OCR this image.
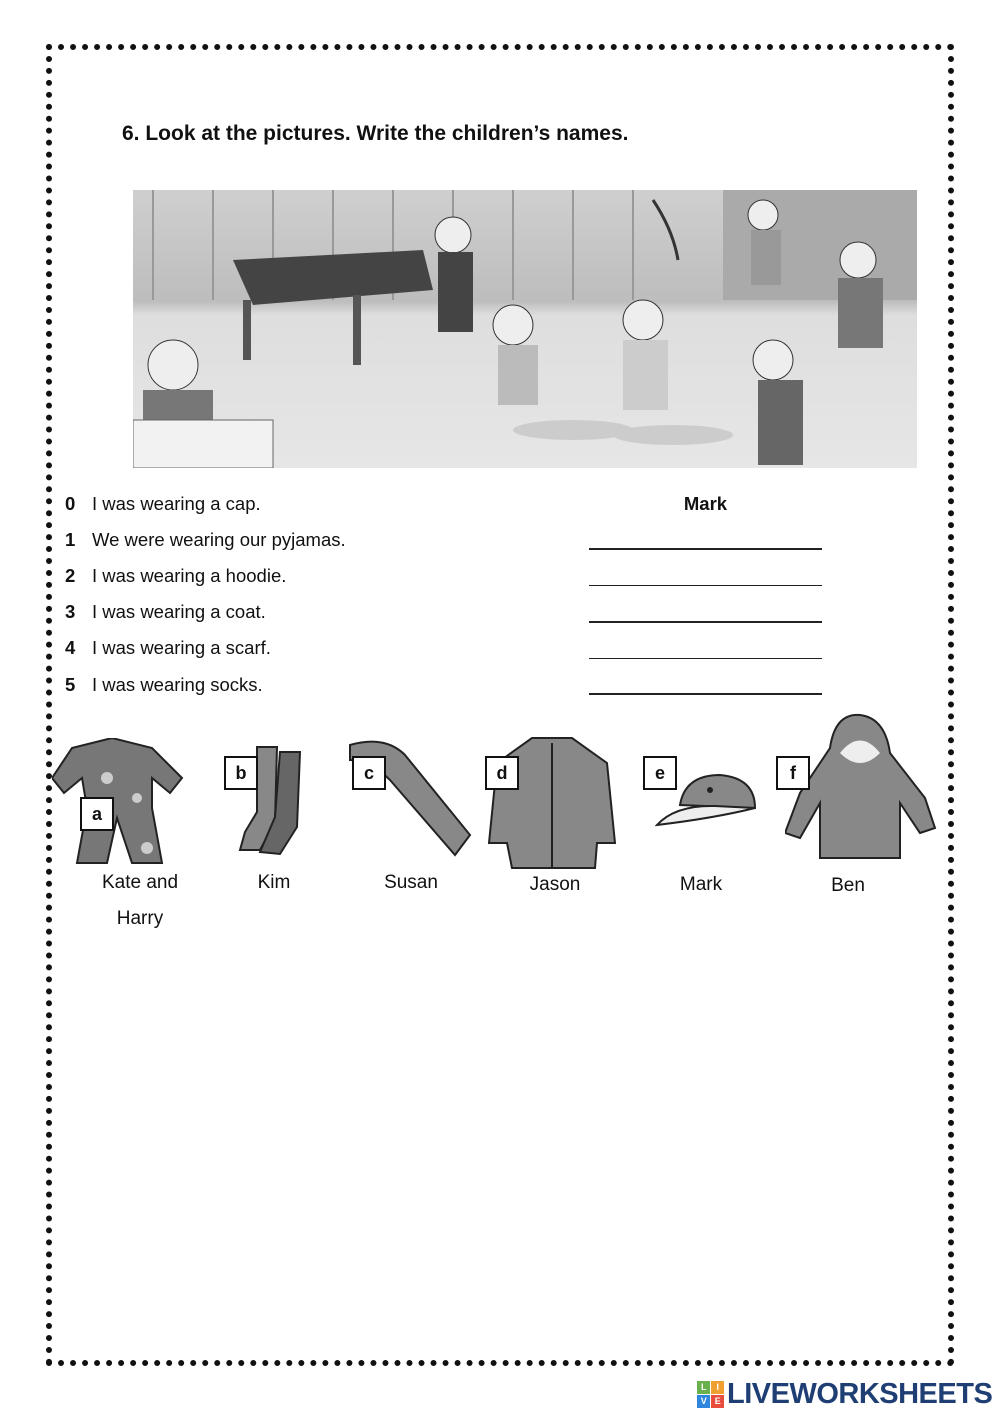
6. Look at the pictures. Write the children’s names.
0 I was wearing a cap.	Mark
1 We were wearing our pyjamas.
2 I was wearing a hoodie.
3 I was wearing a coat.
4 I was wearing a scarf.
5 I was wearing socks.
a
b	c	d	e	f
Kate and
Harry
Kim	Susan	Jason	Mark	Ben
L	I
V E LIVEWORKSHEETS
